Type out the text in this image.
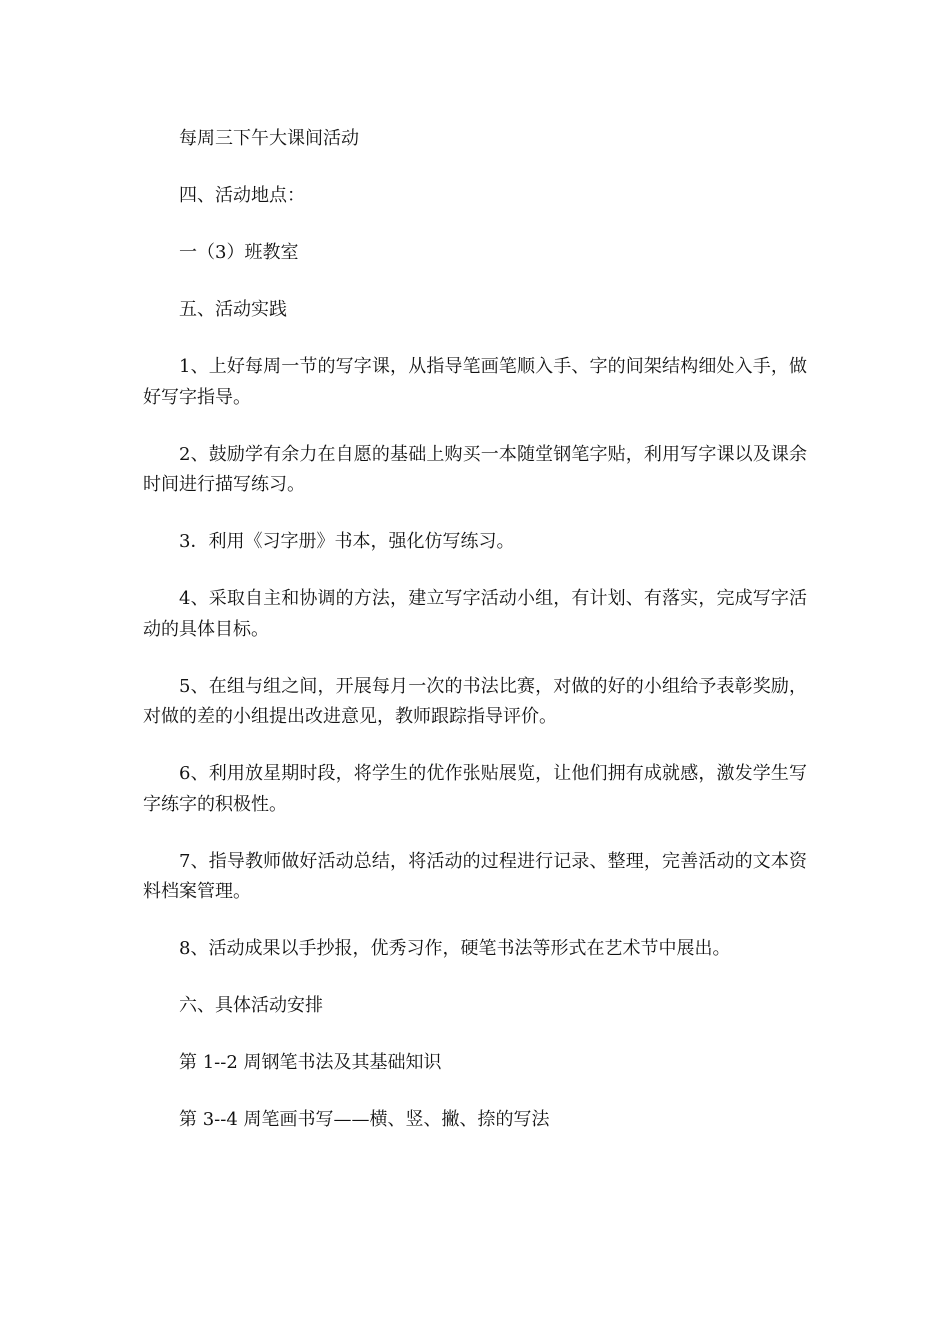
每周三下午大课间活动

四、活动地点：

一（3）班教室

五、活动实践

1、上好每周一节的写字课，从指导笔画笔顺入手、字的间架结构细处入手，做好写字指导。

2、鼓励学有余力在自愿的基础上购买一本随堂钢笔字贴，利用写字课以及课余时间进行描写练习。

3．利用《习字册》书本，强化仿写练习。

4、采取自主和协调的方法，建立写字活动小组，有计划、有落实，完成写字活动的具体目标。

5、在组与组之间，开展每月一次的书法比赛，对做的好的小组给予表彰奖励，对做的差的小组提出改进意见，教师跟踪指导评价。

6、利用放星期时段，将学生的优作张贴展览，让他们拥有成就感，激发学生写字练字的积极性。

7、指导教师做好活动总结，将活动的过程进行记录、整理，完善活动的文本资料档案管理。

8、活动成果以手抄报，优秀习作，硬笔书法等形式在艺术节中展出。

六、具体活动安排

第 1--2 周钢笔书法及其基础知识

第 3--4 周笔画书写——横、竖、撇、捺的写法
